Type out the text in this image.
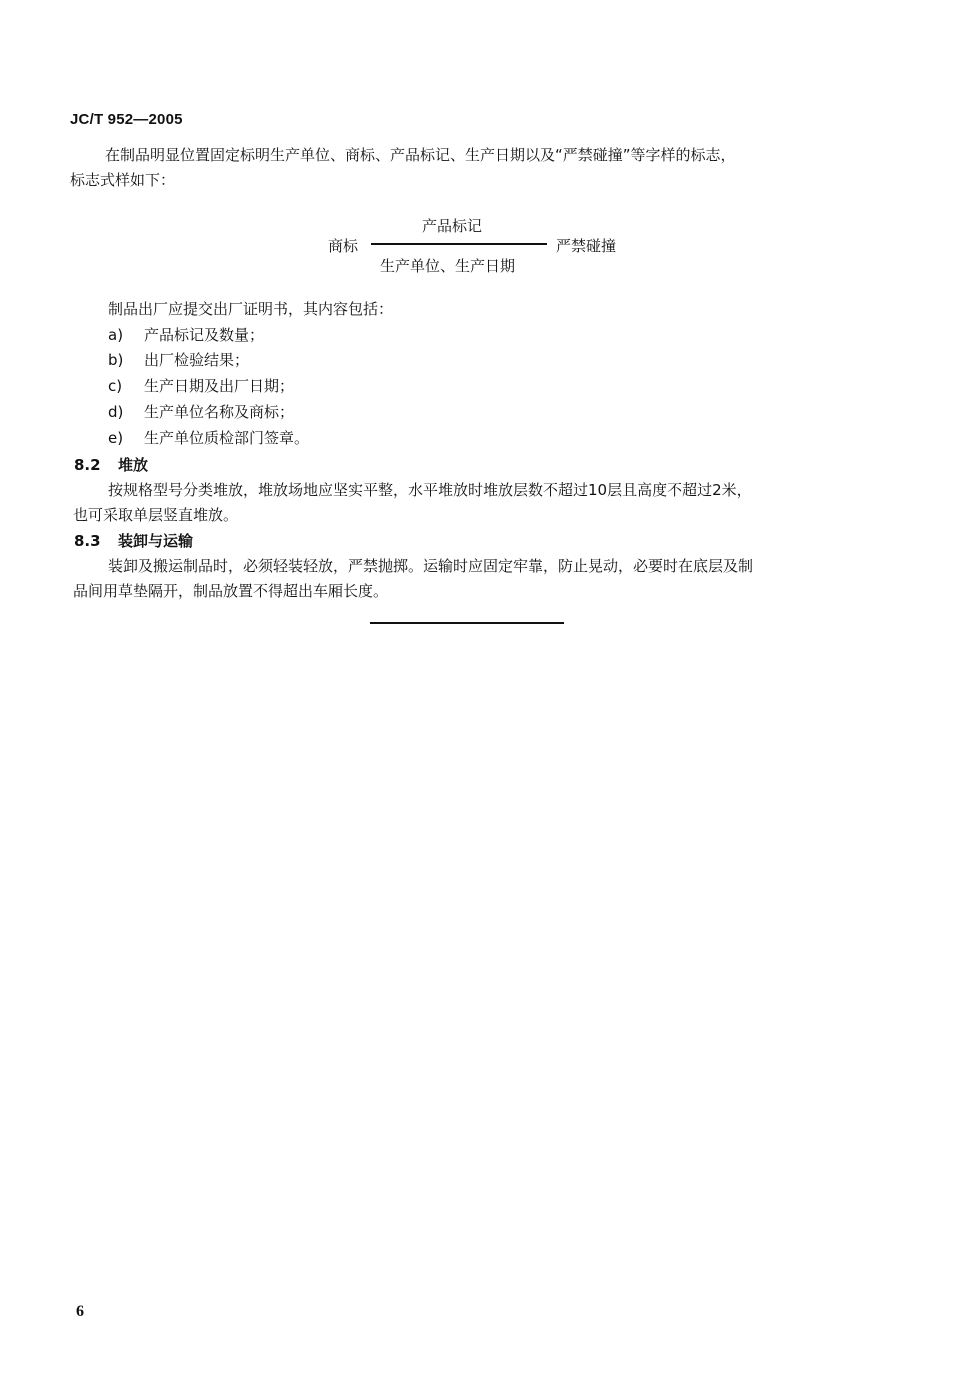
JC/T 952—2005
在制品明显位置固定标明生产单位、商标、产品标记、生产日期以及“严禁碰撞”等字样的标志，
标志式样如下：
商标
产品标记
生产单位、生产日期
严禁碰撞
制品出厂应提交出厂证明书，其内容包括：
a) 产品标记及数量；
b) 出厂检验结果；
c) 生产日期及出厂日期；
d) 生产单位名称及商标；
e) 生产单位质检部门签章。
8.2 堆放
按规格型号分类堆放，堆放场地应坚实平整，水平堆放时堆放层数不超过10层且高度不超过2米，
也可采取单层竖直堆放。
8.3 装卸与运输
装卸及搬运制品时，必须轻装轻放，严禁抛掷。运输时应固定牢靠，防止晃动，必要时在底层及制
品间用草垫隔开，制品放置不得超出车厢长度。
6
